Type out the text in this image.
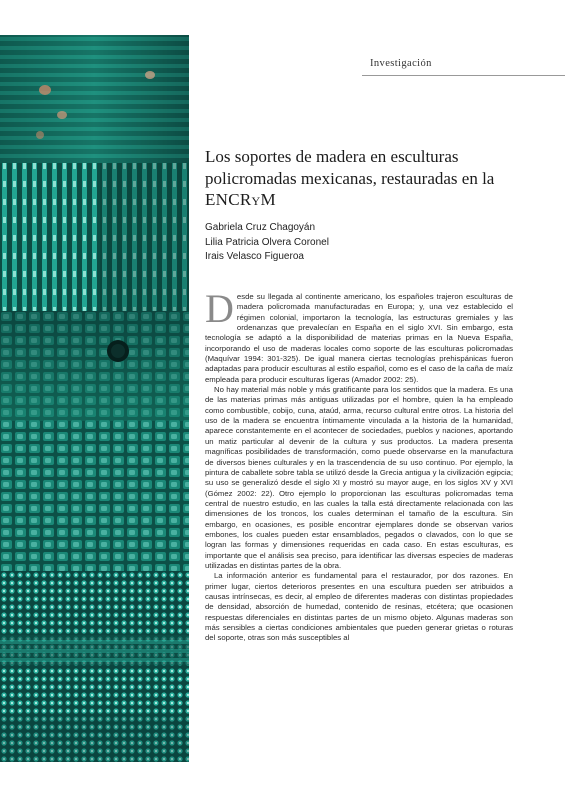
Investigación
Los soportes de madera en esculturas policromadas mexicanas, restauradas en la ENCRyM
Gabriela Cruz Chagoyán
Lilia Patricia Olvera Coronel
Irais Velasco Figueroa

Desde su llegada al continente americano, los españoles trajeron esculturas de madera policromada manufacturadas en Europa; y, una vez establecido el régimen colonial, importaron la tecnología, las estructuras gremiales y las ordenanzas que prevalecían en España en el siglo XVI. Sin embargo, esta tecnología se adaptó a la disponibilidad de materias primas en la Nueva España, incorporando el uso de maderas locales como soporte de las esculturas policromadas (Maquívar 1994: 301-325). De igual manera ciertas tecnologías prehispánicas fueron adaptadas para producir esculturas al estilo español, como es el caso de la caña de maíz empleada para producir esculturas ligeras (Amador 2002: 25).

No hay material más noble y más gratificante para los sentidos que la madera. Es una de las materias primas más antiguas utilizadas por el hombre, quien la ha empleado como combustible, cobijo, cuna, ataúd, arma, recurso cultural entre otros. La historia del uso de la madera se encuentra íntimamente vinculada a la historia de la humanidad, aparece constantemente en el acontecer de sociedades, pueblos y naciones, aportando un matiz particular al devenir de la cultura y sus productos. La madera presenta magníficas posibilidades de transformación, como puede observarse en la manufactura de diversos bienes culturales y en la trascendencia de su uso continuo. Por ejemplo, la pintura de caballete sobre tabla se utilizó desde la Grecia antigua y la civilización egipcia; su uso se generalizó desde el siglo XI y mostró su mayor auge, en los siglos XV y XVI (Gómez 2002: 22). Otro ejemplo lo proporcionan las esculturas policromadas tema central de nuestro estudio, en las cuales la talla está directamente relacionada con las dimensiones de los troncos, los cuales determinan el tamaño de la escultura. Sin embargo, en ocasiones, es posible encontrar ejemplares donde se observan varios embones, los cuales pueden estar ensamblados, pegados o clavados, con lo que se logran las formas y dimensiones requeridas en cada caso. En estas esculturas, es importante que el análisis sea preciso, para identificar las diversas especies de maderas utilizadas en distintas partes de la obra.

La información anterior es fundamental para el restaurador, por dos razones. En primer lugar, ciertos deterioros presentes en una escultura pueden ser atribuidos a causas intrínsecas, es decir, al empleo de diferentes maderas con distintas propiedades de densidad, absorción de humedad, contenido de resinas, etcétera; que ocasionen respuestas diferenciales en distintas partes de un mismo objeto. Algunas maderas son más sensibles a ciertas condiciones ambientales que pueden generar grietas o roturas del soporte, otras son más susceptibles al
